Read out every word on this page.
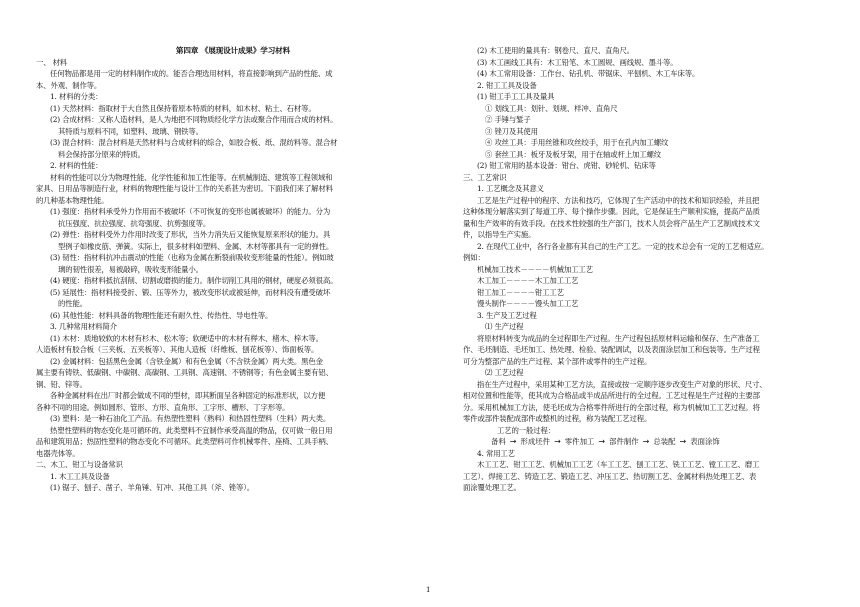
第四章 《展现设计成果》学习材料
一、 材料
任何物品都是用一定的材料制作成的。能否合理选用材料，将直接影响到产品的性能、成
本、外观、制作等。
1. 材料的分类：
(1) 天然材料：指取材于大自然且保持着原本特质的材料，如木材、粘土、石材等。
(2) 合成材料：又称人造材料，是人为地把不同物质经化学方法或聚合作用而合成的材料。
其特质与原料不同，如塑料、玻璃、钢铁等。
(3) 混合材料：混合材料是天然材料与合成材料的综合，如胶合板、纸、混纺料等。混合材
料会保持部分原来的特质。
2. 材料的性能：
材料的性能可以分为物理性能、化学性能和加工性能等。在机械制造、建筑等工程领域和
家具、日用品等制造行业，材料的物理性能与设计工作的关系甚为密切。下面我们来了解材料
的几种基本物理性能。
(1) 强度：指材料承受外力作用而不被破坏（不可恢复的变形也属被破坏）的能力。分为
抗压强度、抗拉强度、抗弯强度、抗剪强度等。
(2) 弹性：指材料受外力作用时改变了形状，当外力消失后又能恢复原来形状的能力。具
型例子如橡皮筋、弹簧。实际上，很多材料如塑料、金属、木材等都具有一定的弹性。
(3) 韧性：指材料抗冲击震动的性能（也称为金属在断裂前吸收变形能量的性能）。例如玻
璃的韧性很差，易被敲碎，吸收变形能量小。
(4) 硬度：指材料抵抗刮削、切割或磨损的能力。制作切削工具用的钢材，硬度必须很高。
(5) 延展性：指材料接受折、锻、压等外力，被改变形状或被延伸，而材料没有遭受破坏
的性能。
(6) 其他性能：材料具备的物理性能还有耐久性、传热性、导电性等。
3. 几种常用材料简介
(1) 木材：质地较软的木材有杉木、松木等；软硬适中的木材有榉木、楮木、梓木等。
人造板材有胶合板（三夹板、五夹板等）、其他人造板（纤维板、刨花板等）、饰面板等。
(2) 金属材料：包括黑色金属（含铁金属）和有色金属（不含铁金属）两大类。黑色金
属主要有铸铁、低碳钢、中碳钢、高碳钢、工具钢、高速钢、不锈钢等；有色金属主要有铝、
铜、铅、锌等。
各种金属材料在出厂时都会做成不同的型材，即其断面呈各种固定的标准形状，以方便
各种不同的用途。例如圆形、管形、方形、直角形、工字形、槽形、丁字形等。
(3) 塑料：是一种石油化工产品。有热塑性塑料（熟料）和热固性塑料（生料）两大类。
热塑性塑料的物态变化是可循环的。此类塑料不宜制作承受高温的物品，仅可做一般日用
品和建筑用品；热固性塑料的物态变化不可循环。此类塑料可作机械零件、座椅、工具手柄、
电器壳体等。
二、木工、钳工与设备常识
1. 木工工具及设备
(1) 锯子、刨子、凿子、羊角锤、钉冲、其他工具（斧、锉等）。
(2) 木工使用的量具有：钢卷尺、直尺、直角尺。
(3) 木工画线工具有：木工铅笔、木工圆规、画线规、墨斗等。
(4) 木工常用设备：工作台、钻孔机、带锯床、平刨机、木工车床等。
2. 钳工工具及设备
(1) 钳工手工工具及量具
① 划线工具：划针、划规、样冲、直角尺
② 手锤与錾子
③ 锉刀及其使用
④ 攻丝工具：手用丝锥和攻丝绞手，用于在孔内加工螺纹
⑤ 套丝工具：板牙及板牙架，用于在轴或杆上加工螺纹
(2) 钳工常用的基本设备：钳台、虎钳、砂轮机、钻床等
三、工艺常识
1. 工艺概念及其意义
工艺是生产过程中的程序、方法和技巧，它体现了生产活动中的技术和知识经验，并且把
这种体现分解落实到了每道工序、每个操作步骤。因此，它是保证生产顺利实施，提高产品质
量和生产效率的有效手段。在技术性较强的生产部门，技术人员会将产品生产工艺制成技术文
件，以指导生产实施。
2. 在现代工业中，各行各业都有其自己的生产工艺。一定的技术总会有一定的工艺相适应。
例如：
机械加工技术－－－－机械加工工艺
木工加工－－－－木工加工工艺
钳工加工－－－－钳工工艺
馒头制作－－－－馒头加工工艺
3. 生产及工艺过程
⑴ 生产过程
将原材料转变为成品的全过程即生产过程。生产过程包括原材料运输和保存、生产准备工
作、毛坯制造、毛坯加工、热处理、检验、装配调试，以及表面涂层加工和包装等。生产过程
可分为整部产品的生产过程、某个部件或零件的生产过程。
⑵ 工艺过程
指在生产过程中，采用某种工艺方法，直接或按一定顺序逐步改变生产对象的形状、尺寸、
相对位置和性能等，使其成为合格品或半成品所进行的全过程。工艺过程是生产过程的主要部
分。采用机械加工方法，使毛坯成为合格零件所进行的全部过程，称为机械加工工艺过程。将
零件或部件装配成部件或整机的过程，称为装配工艺过程。
工艺的一般过程：
备料 → 形成坯件 → 零件加工 → 部件制作 → 总装配 → 表面涂饰
4. 常用工艺
木工工艺、钳工工艺、机械加工工艺（车工工艺、刨工工艺、铣工工艺、镗工工艺、磨工
工艺）、焊接工艺、铸造工艺、锻造工艺、冲压工艺、热切割工艺、金属材料热处理工艺、表
面涂覆处理工艺。
1
